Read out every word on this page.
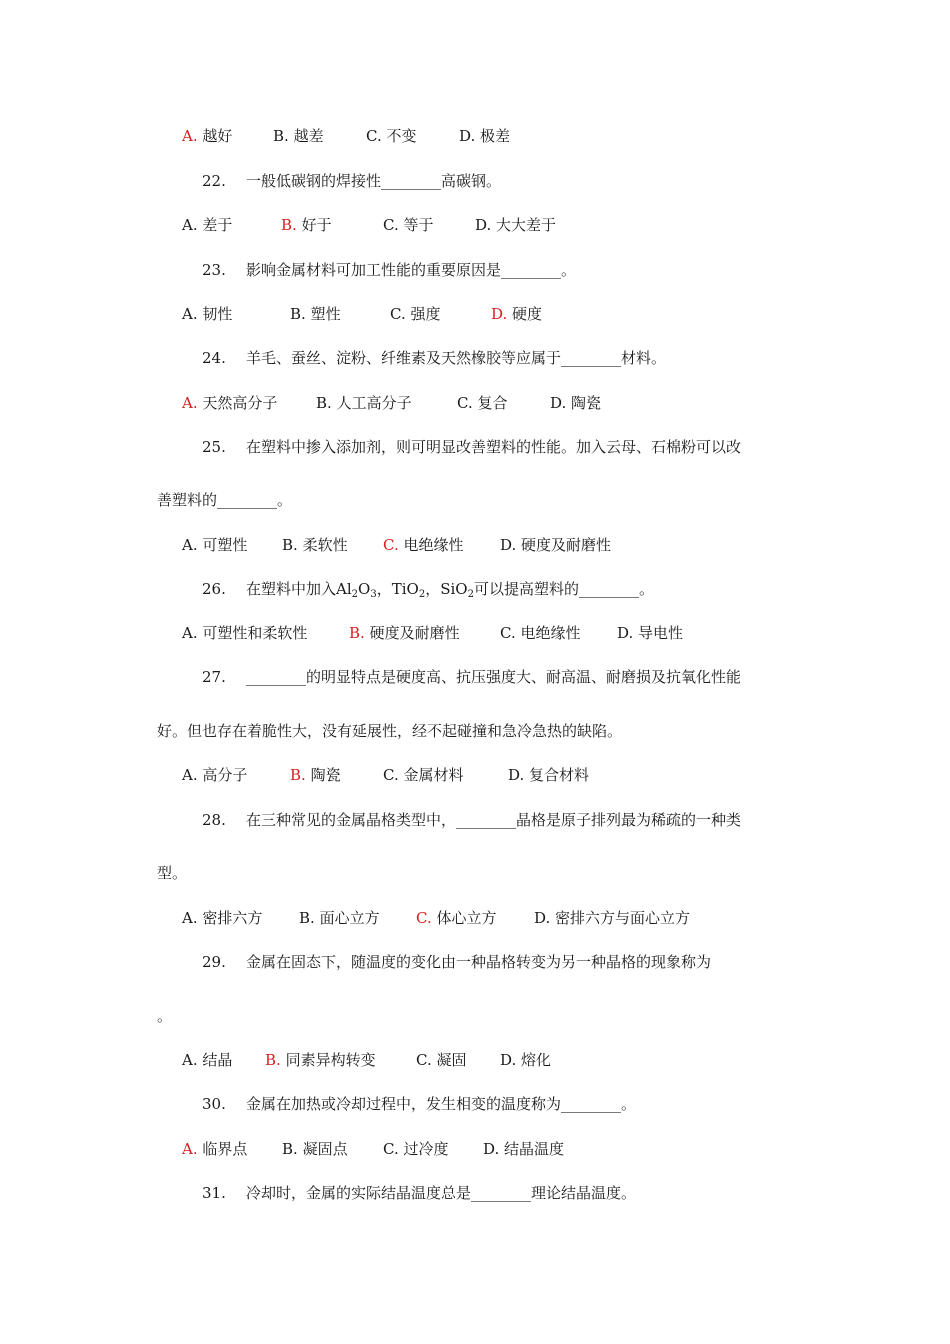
A. 越好	B. 越差	C. 不变	D. 极差
22. 一般低碳钢的焊接性________高碳钢。
A. 差于	B. 好于	C. 等于	D. 大大差于
23. 影响金属材料可加工性能的重要原因是________。
A. 韧性	B. 塑性	C. 强度	D. 硬度
24. 羊毛、蚕丝、淀粉、纤维素及天然橡胶等应属于________材料。
A. 天然高分子	B. 人工高分子	C. 复合	D. 陶瓷
25. 在塑料中掺入添加剂，则可明显改善塑料的性能。加入云母、石棉粉可以改
善塑料的________。
A. 可塑性 B. 柔软性 C. 电绝缘性 D. 硬度及耐磨性
26. 在塑料中加入$Al_2O_3$，TiO$_2$，SiO$_2$可以提高塑料的________。
A. 可塑性和柔软性	B. 硬度及耐磨性	C. 电绝缘性 D. 导电性
27. ________的明显特点是硬度高、抗压强度大、耐高温、耐磨损及抗氧化性能
好。但也存在着脆性大，没有延展性，经不起碰撞和急冷急热的缺陷。
A. 高分子	B. 陶瓷	C. 金属材料	D. 复合材料
28. 在三种常见的金属晶格类型中，________晶格是原子排列最为稀疏的一种类
型。
A. 密排六方 B. 面心立方 C. 体心立方 D. 密排六方与面心立方
29. 金属在固态下，随温度的变化由一种晶格转变为另一种晶格的现象称为
。
A. 结晶 B. 同素异构转变	C. 凝固 D. 熔化
30. 金属在加热或冷却过程中，发生相变的温度称为________。
A. 临界点 B. 凝固点 C. 过冷度 D. 结晶温度
31. 冷却时，金属的实际结晶温度总是________理论结晶温度。
